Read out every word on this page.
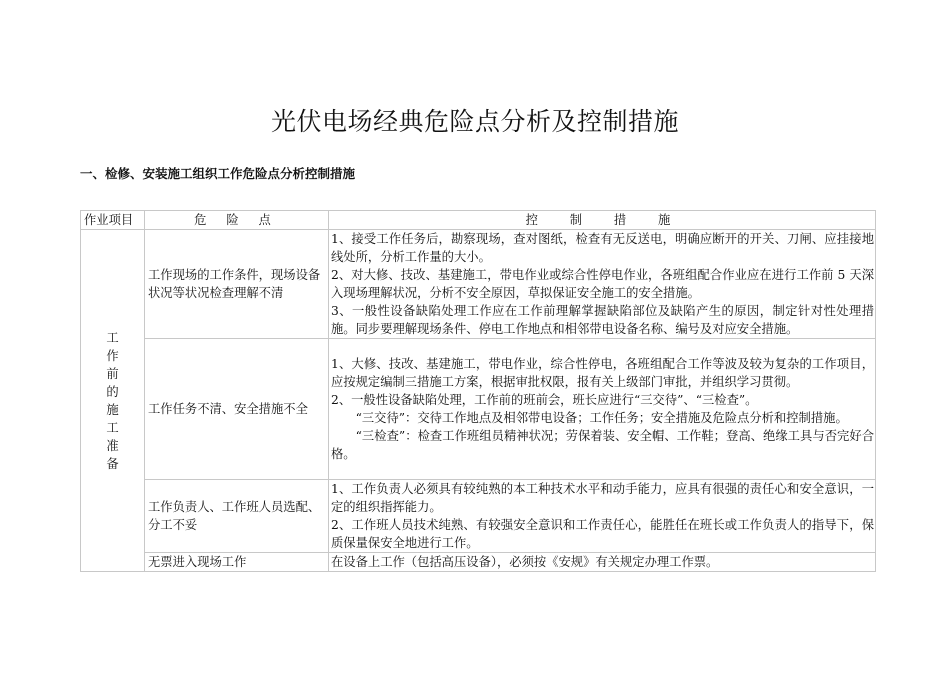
光伏电场经典危险点分析及控制措施
一、检修、安装施工组织工作危险点分析控制措施
作业项目	危 险 点	控  制  措  施
工作前的施工准备	工作现场的工作条件，现场设备状况等状况检查理解不清	1、接受工作任务后，勘察现场，查对图纸，检查有无反送电，明确应断开的开关、刀闸、应挂接地线处所，分析工作量的大小。
2、对大修、技改、基建施工，带电作业或综合性停电作业，各班组配合作业应在进行工作前 5 天深入现场理解状况，分析不安全原因，草拟保证安全施工的安全措施。
3、一般性设备缺陷处理工作应在工作前理解掌握缺陷部位及缺陷产生的原因，制定针对性处理措施。同步要理解现场条件、停电工作地点和相邻带电设备名称、编号及对应安全措施。

	工作任务不清、安全措施不全	1、大修、技改、基建施工，带电作业，综合性停电，各班组配合工作等波及较为复杂的工作项目，应按规定编制三措施工方案，根据审批权限，报有关上级部门审批，并组织学习贯彻。
2、一般性设备缺陷处理，工作前的班前会，班长应进行“三交待”、“三检查”。
“三交待”：交待工作地点及相邻带电设备；工作任务；安全措施及危险点分析和控制措施。
“三检查”：检查工作班组员精神状况；劳保着装、安全帽、工作鞋；登高、绝缘工具与否完好合格。

	工作负责人、工作班人员选配、分工不妥	1、工作负责人必须具有较纯熟的本工种技术水平和动手能力，应具有很强的责任心和安全意识，一定的组织指挥能力。
2、工作班人员技术纯熟、有较强安全意识和工作责任心，能胜任在班长或工作负责人的指导下，保质保量保安全地进行工作。

	无票进入现场工作	在设备上工作（包括高压设备），必须按《安规》有关规定办理工作票。
